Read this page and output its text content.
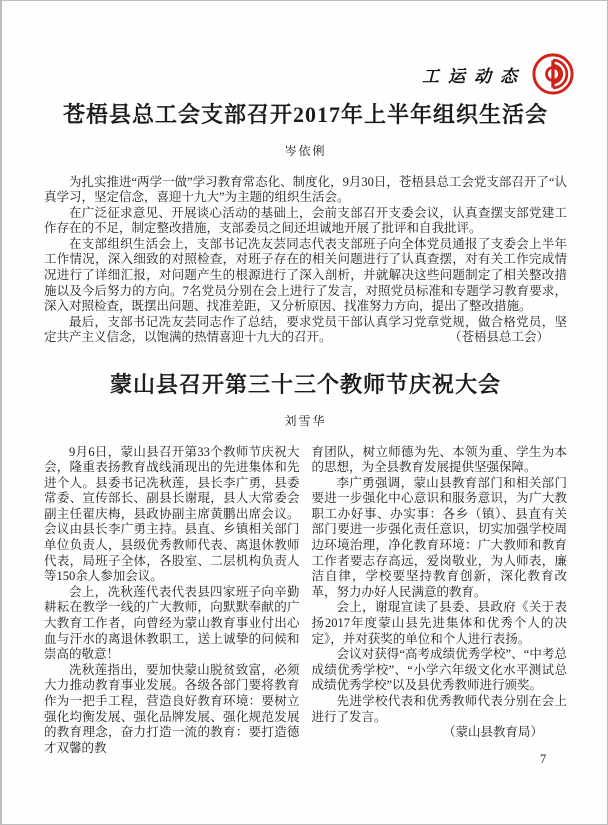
工运动态
苍梧县总工会支部召开2017年上半年组织生活会
岑依俐

为扎实推进“两学一做”学习教育常态化、制度化，9月30日，苍梧县总工会党支部召开了“认真学习，坚定信念，喜迎十九大”为主题的组织生活会。

在广泛征求意见、开展谈心活动的基础上，会前支部召开支委会议，认真查摆支部党建工作存在的不足，制定整改措施，支部委员之间还坦诚地开展了批评和自我批评。

在支部组织生活会上，支部书记冼友芸同志代表支部班子向全体党员通报了支委会上半年工作情况，深入细致的对照检查，对班子存在的相关问题进行了认真查摆，对有关工作完成情况进行了详细汇报，对问题产生的根源进行了深入剖析，并就解决这些问题制定了相关整改措施以及今后努力的方向。7名党员分别在会上进行了发言，对照党员标准和专题学习教育要求，深入对照检查，既摆出问题、找准差距，又分析原因、找准努力方向，提出了整改措施。

最后，支部书记冼友芸同志作了总结，要求党员干部认真学习党章党规，做合格党员，坚定共产主义信念，以饱满的热情喜迎十九大的召开。	（苍梧县总工会）
蒙山县召开第三十三个教师节庆祝大会
刘雪华

9月6日，蒙山县召开第33个教师节庆祝大会，隆重表扬教育战线涌现出的先进集体和先进个人。县委书记冼秋莲，县长李广勇，县委常委、宣传部长、副县长谢琨，县人大常委会副主任翟庆梅，县政协副主席黄鹏出席会议。会议由县长李广勇主持。县直、乡镇相关部门单位负责人，县级优秀教师代表、离退休教师代表，局班子全体，各股室、二层机构负责人等150余人参加会议。

会上，冼秋莲代表代表县四家班子向辛勤耕耘在教学一线的广大教师，向默默奉献的广大教育工作者，向曾经为蒙山教育事业付出心血与汗水的离退休教职工，送上诚挚的问候和崇高的敬意！

冼秋莲指出，要加快蒙山脱贫致富，必须大力推动教育事业发展。各级各部门要将教育作为一把手工程，营造良好教育环境：要树立强化均衡发展、强化品牌发展、强化规范发展的教育理念，奋力打造一流的教育：要打造德才双馨的教

育团队，树立师德为先、本领为重、学生为本的思想，为全县教育发展提供坚强保障。

李广勇强调，蒙山县教育部门和相关部门要进一步强化中心意识和服务意识，为广大教职工办好事、办实事：各乡（镇）、县直有关部门要进一步强化责任意识，切实加强学校周边环境治理，净化教育环境：广大教师和教育工作者要志存高远，爱岗敬业，为人师表，廉洁自律，学校要坚持教育创新，深化教育改革，努力办好人民满意的教育。

会上，谢琨宣读了县委、县政府《关于表扬2017年度蒙山县先进集体和优秀个人的决定》，并对获奖的单位和个人进行表扬。

会议对获得“高考成绩优秀学校”、“中考总成绩优秀学校”、“小学六年级文化水平测试总成绩优秀学校”以及县优秀教师进行颁奖。

先进学校代表和优秀教师代表分别在会上进行了发言。

（蒙山县教育局）
7
